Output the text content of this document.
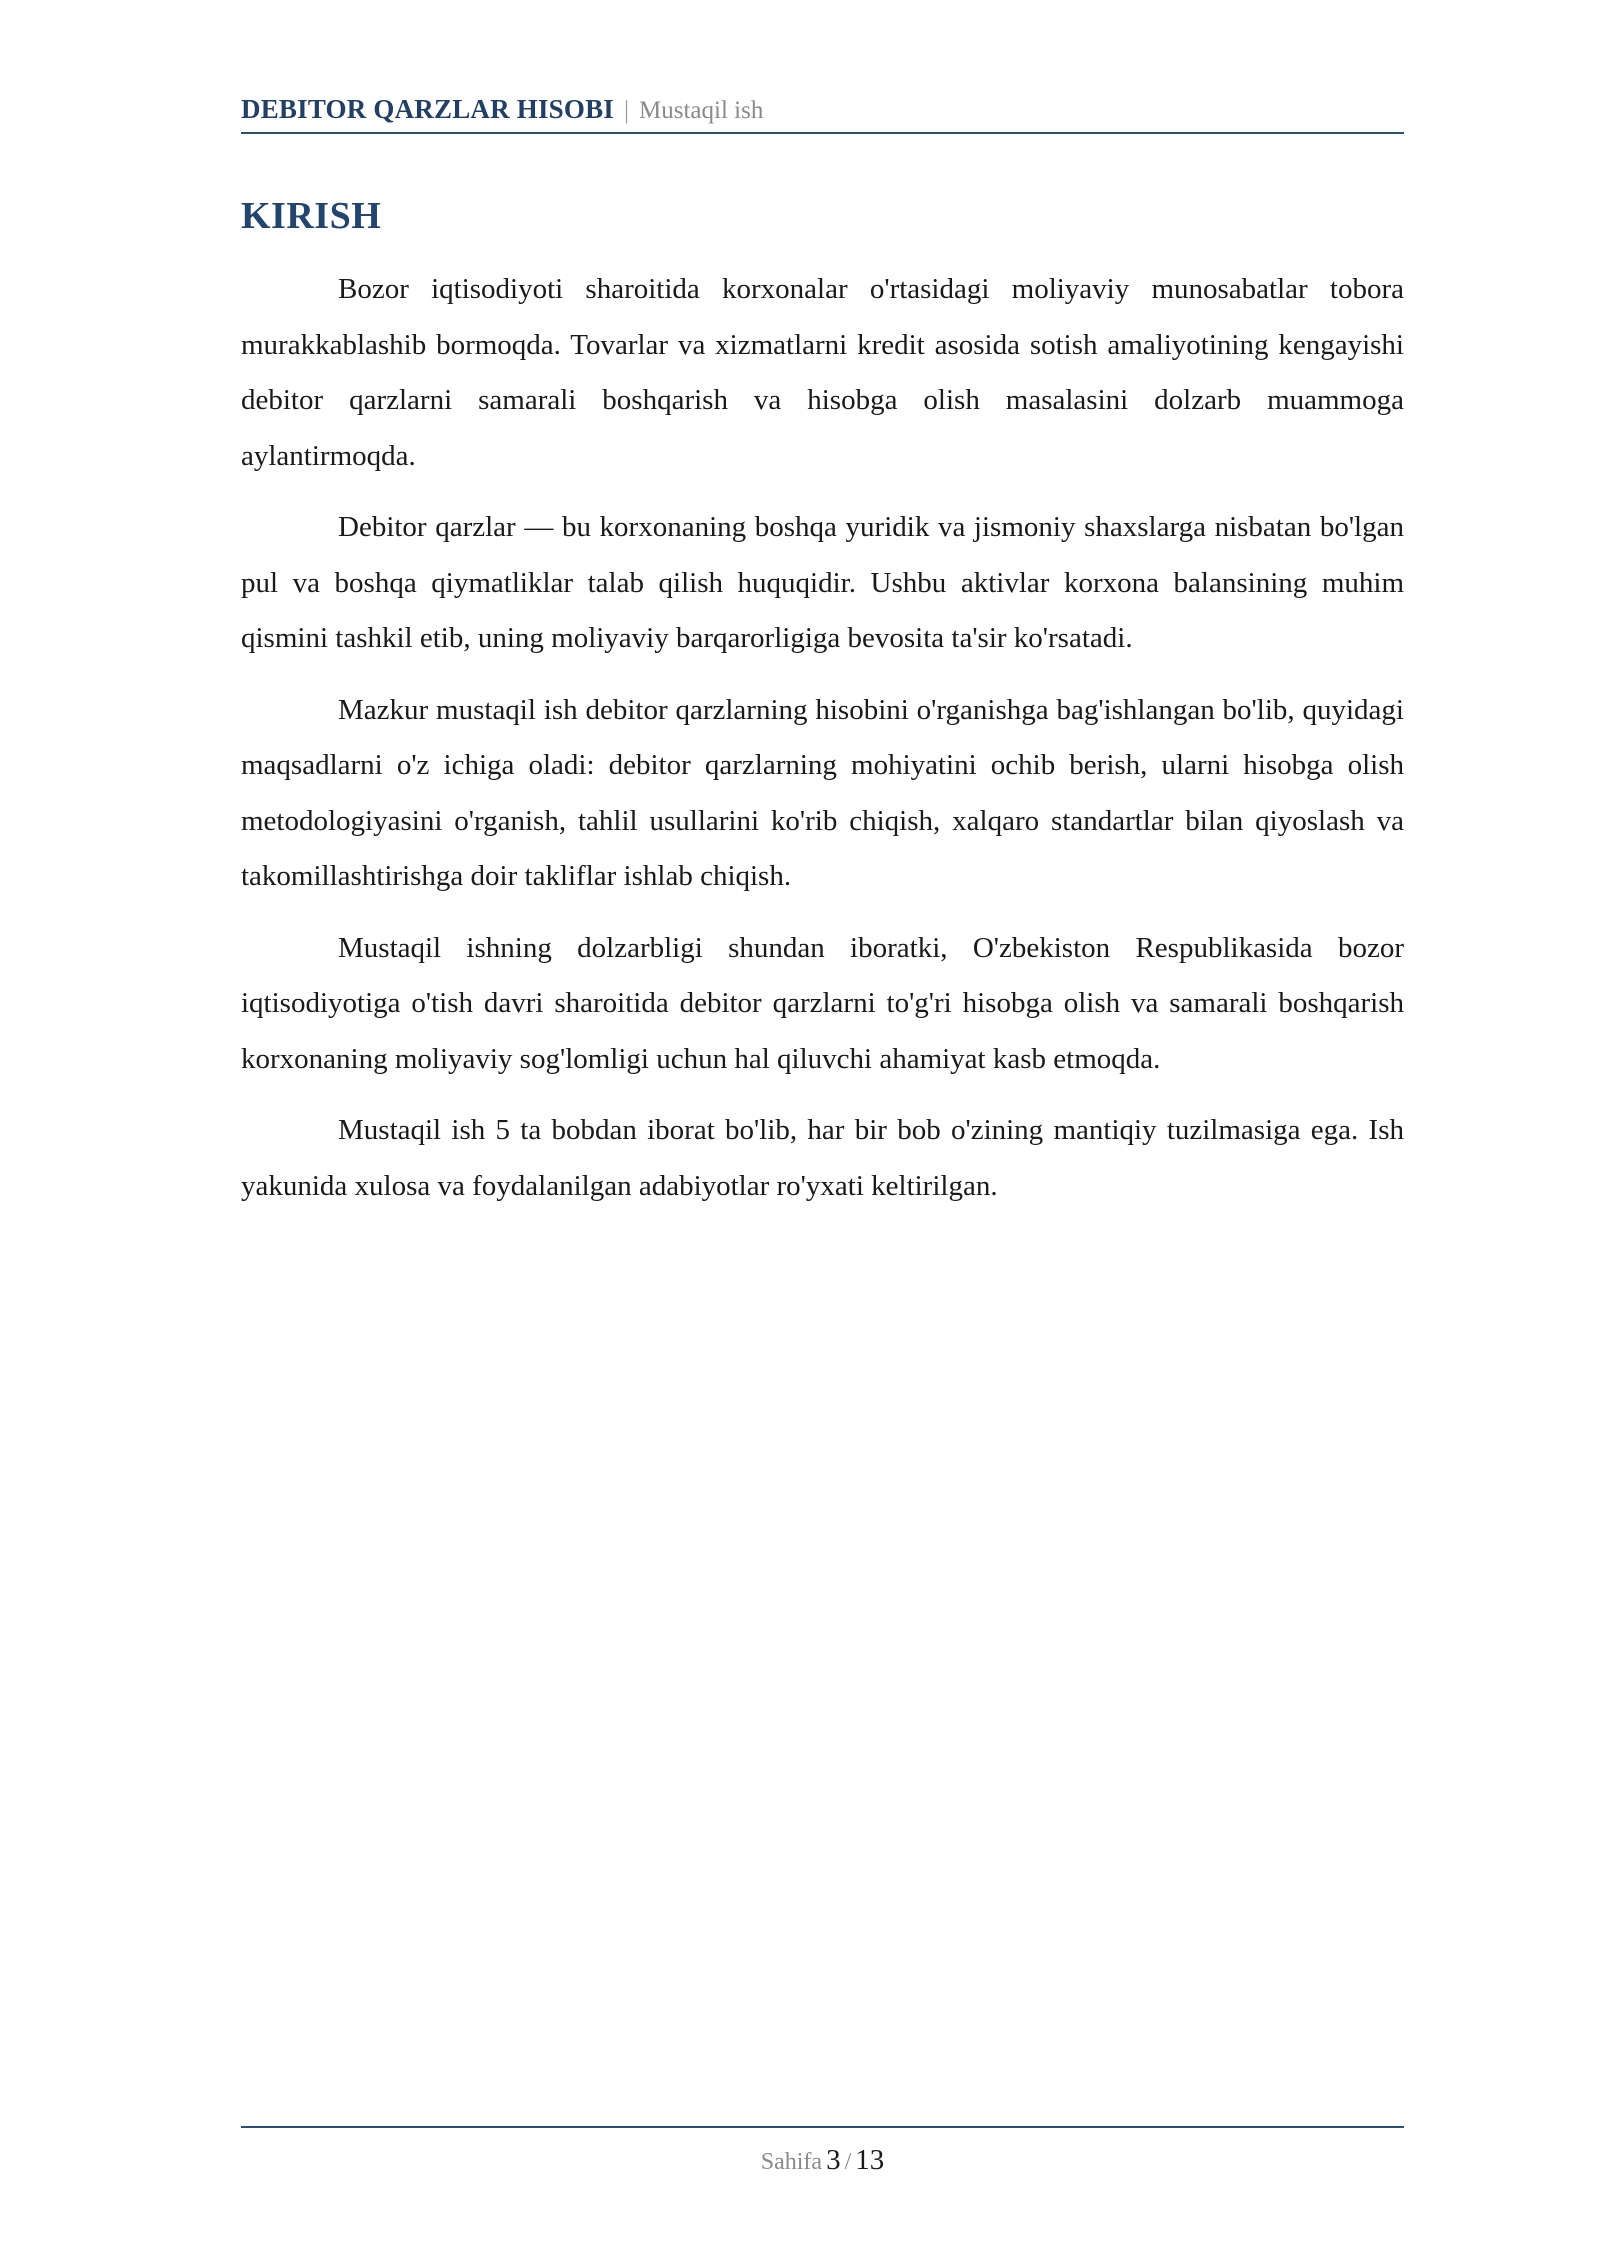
DEBITOR QARZLAR HISOBI | Mustaqil ish
KIRISH

Bozor iqtisodiyoti sharoitida korxonalar o'rtasidagi moliyaviy munosabatlar tobora murakkablashib bormoqda. Tovarlar va xizmatlarni kredit asosida sotish amaliyotining kengayishi debitor qarzlarni samarali boshqarish va hisobga olish masalasini dolzarb muammoga aylantirmoqda.

Debitor qarzlar — bu korxonaning boshqa yuridik va jismoniy shaxslarga nisbatan bo'lgan pul va boshqa qiymatliklar talab qilish huquqidir. Ushbu aktivlar korxona balansining muhim qismini tashkil etib, uning moliyaviy barqarorligiga bevosita ta'sir ko'rsatadi.

Mazkur mustaqil ish debitor qarzlarning hisobini o'rganishga bag'ishlangan bo'lib, quyidagi maqsadlarni o'z ichiga oladi: debitor qarzlarning mohiyatini ochib berish, ularni hisobga olish metodologiyasini o'rganish, tahlil usullarini ko'rib chiqish, xalqaro standartlar bilan qiyoslash va takomillashtirishga doir takliflar ishlab chiqish.

Mustaqil ishning dolzarbligi shundan iboratki, O'zbekiston Respublikasida bozor iqtisodiyotiga o'tish davri sharoitida debitor qarzlarni to'g'ri hisobga olish va samarali boshqarish korxonaning moliyaviy sog'lomligi uchun hal qiluvchi ahamiyat kasb etmoqda.

Mustaqil ish 5 ta bobdan iborat bo'lib, har bir bob o'zining mantiqiy tuzilmasiga ega. Ish yakunida xulosa va foydalanilgan adabiyotlar ro'yxati keltirilgan.

Sahifa 3 / 13
